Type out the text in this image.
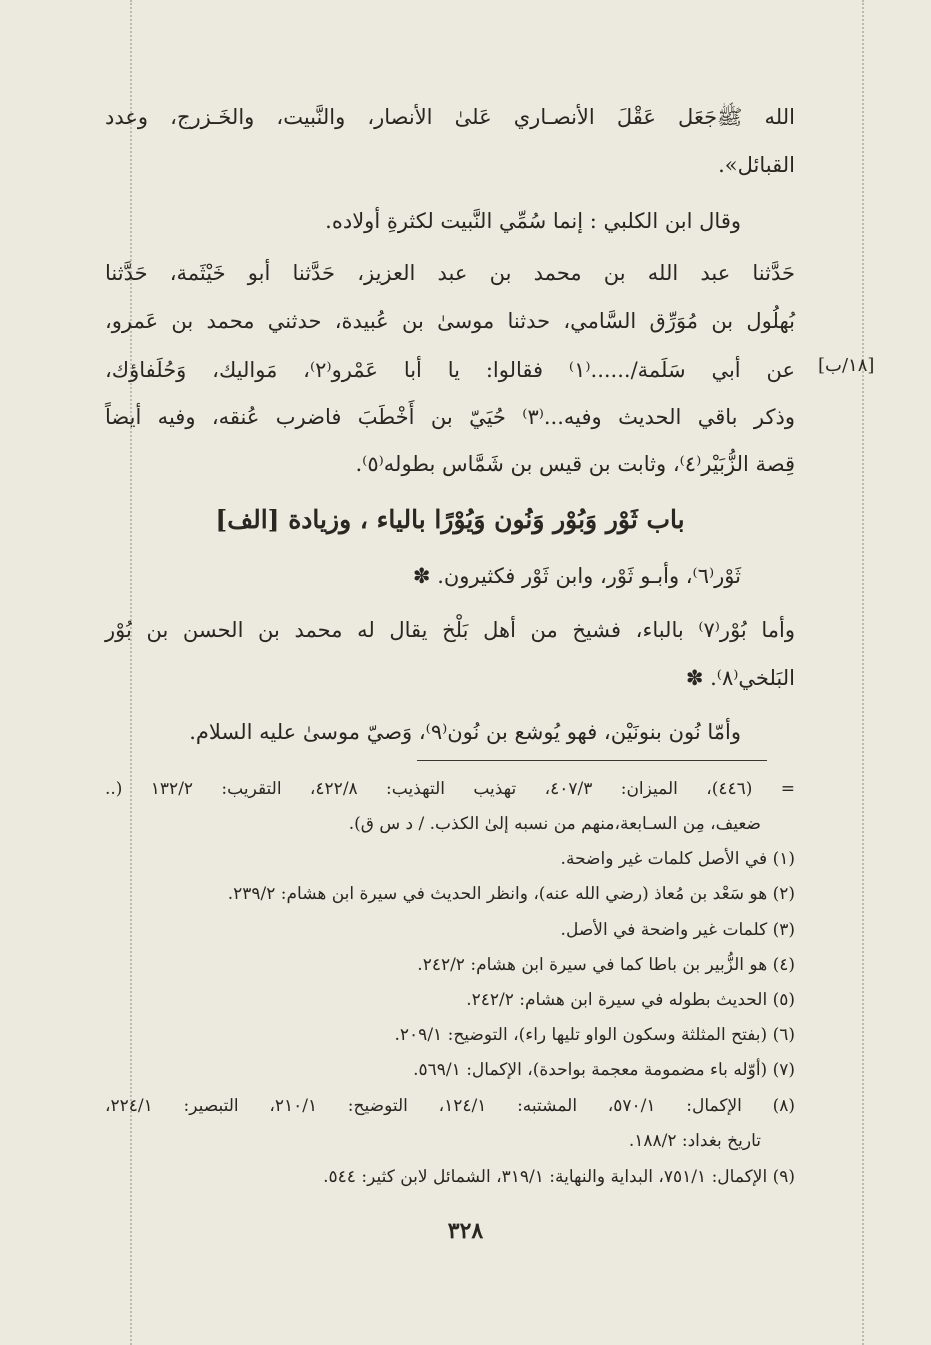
الله ﷺجَعَل عَقْلَ الأنصـاري عَلىٰ الأنصار، والنَّبيت، والخَـزرج، وعدد
القبائل».
وقال ابن الكلبي : إنما سُمِّي النَّبيت لكثرةِ أولاده.
حَدَّثنا عبد الله بن محمد بن عبد العزيز، حَدَّثنا أبو خَيْثَمة، حَدَّثنا
بُهلُول بن مُوَرِّق السَّامي، حدثنا موسىٰ بن عُبيدة، حدثني محمد بن عَمرو،
عن أبي سَلَمة/......⁽١⁾ فقالوا: يا أبا عَمْرو⁽٢⁾، مَواليك، وَحُلَفاؤك،
وذكر باقي الحديث وفيه...⁽٣⁾ حُيَيّ بن أَخْطَبَ فاضرب عُنقه، وفيه أيضاً
قِصة الزُّبَيْر⁽٤⁾، وثابت بن قيس بن شَمَّاس بطوله⁽٥⁾.
باب ثَوْر وَبُوْر وَنُون وَيُوْرًا بالياء ، وزيادة [الف]
ثَوْر⁽٦⁾، وأبـو ثَوْر، وابن ثَوْر فكثيرون. ✽
وأما بُوْر⁽٧⁾ بالباء، فشيخ من أهل بَلْخ يقال له محمد بن الحسن بن بُوْر
البَلخي⁽٨⁾. ✽
وأمّا نُون بنونَيْن، فهو يُوشع بن نُون⁽٩⁾، وَصيّ موسىٰ عليه السلام.
= (٤٤٦)، الميزان: ٤٠٧/٣، تهذيب التهذيب: ٤٢٢/٨، التقريب: ١٣٢/٢ (..
ضعيف، مِن السـابعة،منهم من نسبه إلىٰ الكذب. / د س ق).
(١) في الأصل كلمات غير واضحة.
(٢) هو سَعْد بن مُعاذ (رضي الله عنه)، وانظر الحديث في سيرة ابن هشام: ٢٣٩/٢.
(٣) كلمات غير واضحة في الأصل.
(٤) هو الزُّبير بن باطا كما في سيرة ابن هشام: ٢٤٢/٢.
(٥) الحديث بطوله في سيرة ابن هشام: ٢٤٢/٢.
(٦) (بفتح المثلثة وسكون الواو تليها راء)، التوضيح: ٢٠٩/١.
(٧) (أوّله باء مضمومة معجمة بواحدة)، الإكمال: ٥٦٩/١.
(٨) الإكمال: ٥٧٠/١، المشتبه: ١٢٤/١، التوضيح: ٢١٠/١، التبصير: ٢٢٤/١،
تاريخ بغداد: ١٨٨/٢.
(٩) الإكمال: ٧٥١/١، البداية والنهاية: ٣١٩/١، الشمائل لابن كثير: ٥٤٤.
[١٨/ب]
٣٢٨
